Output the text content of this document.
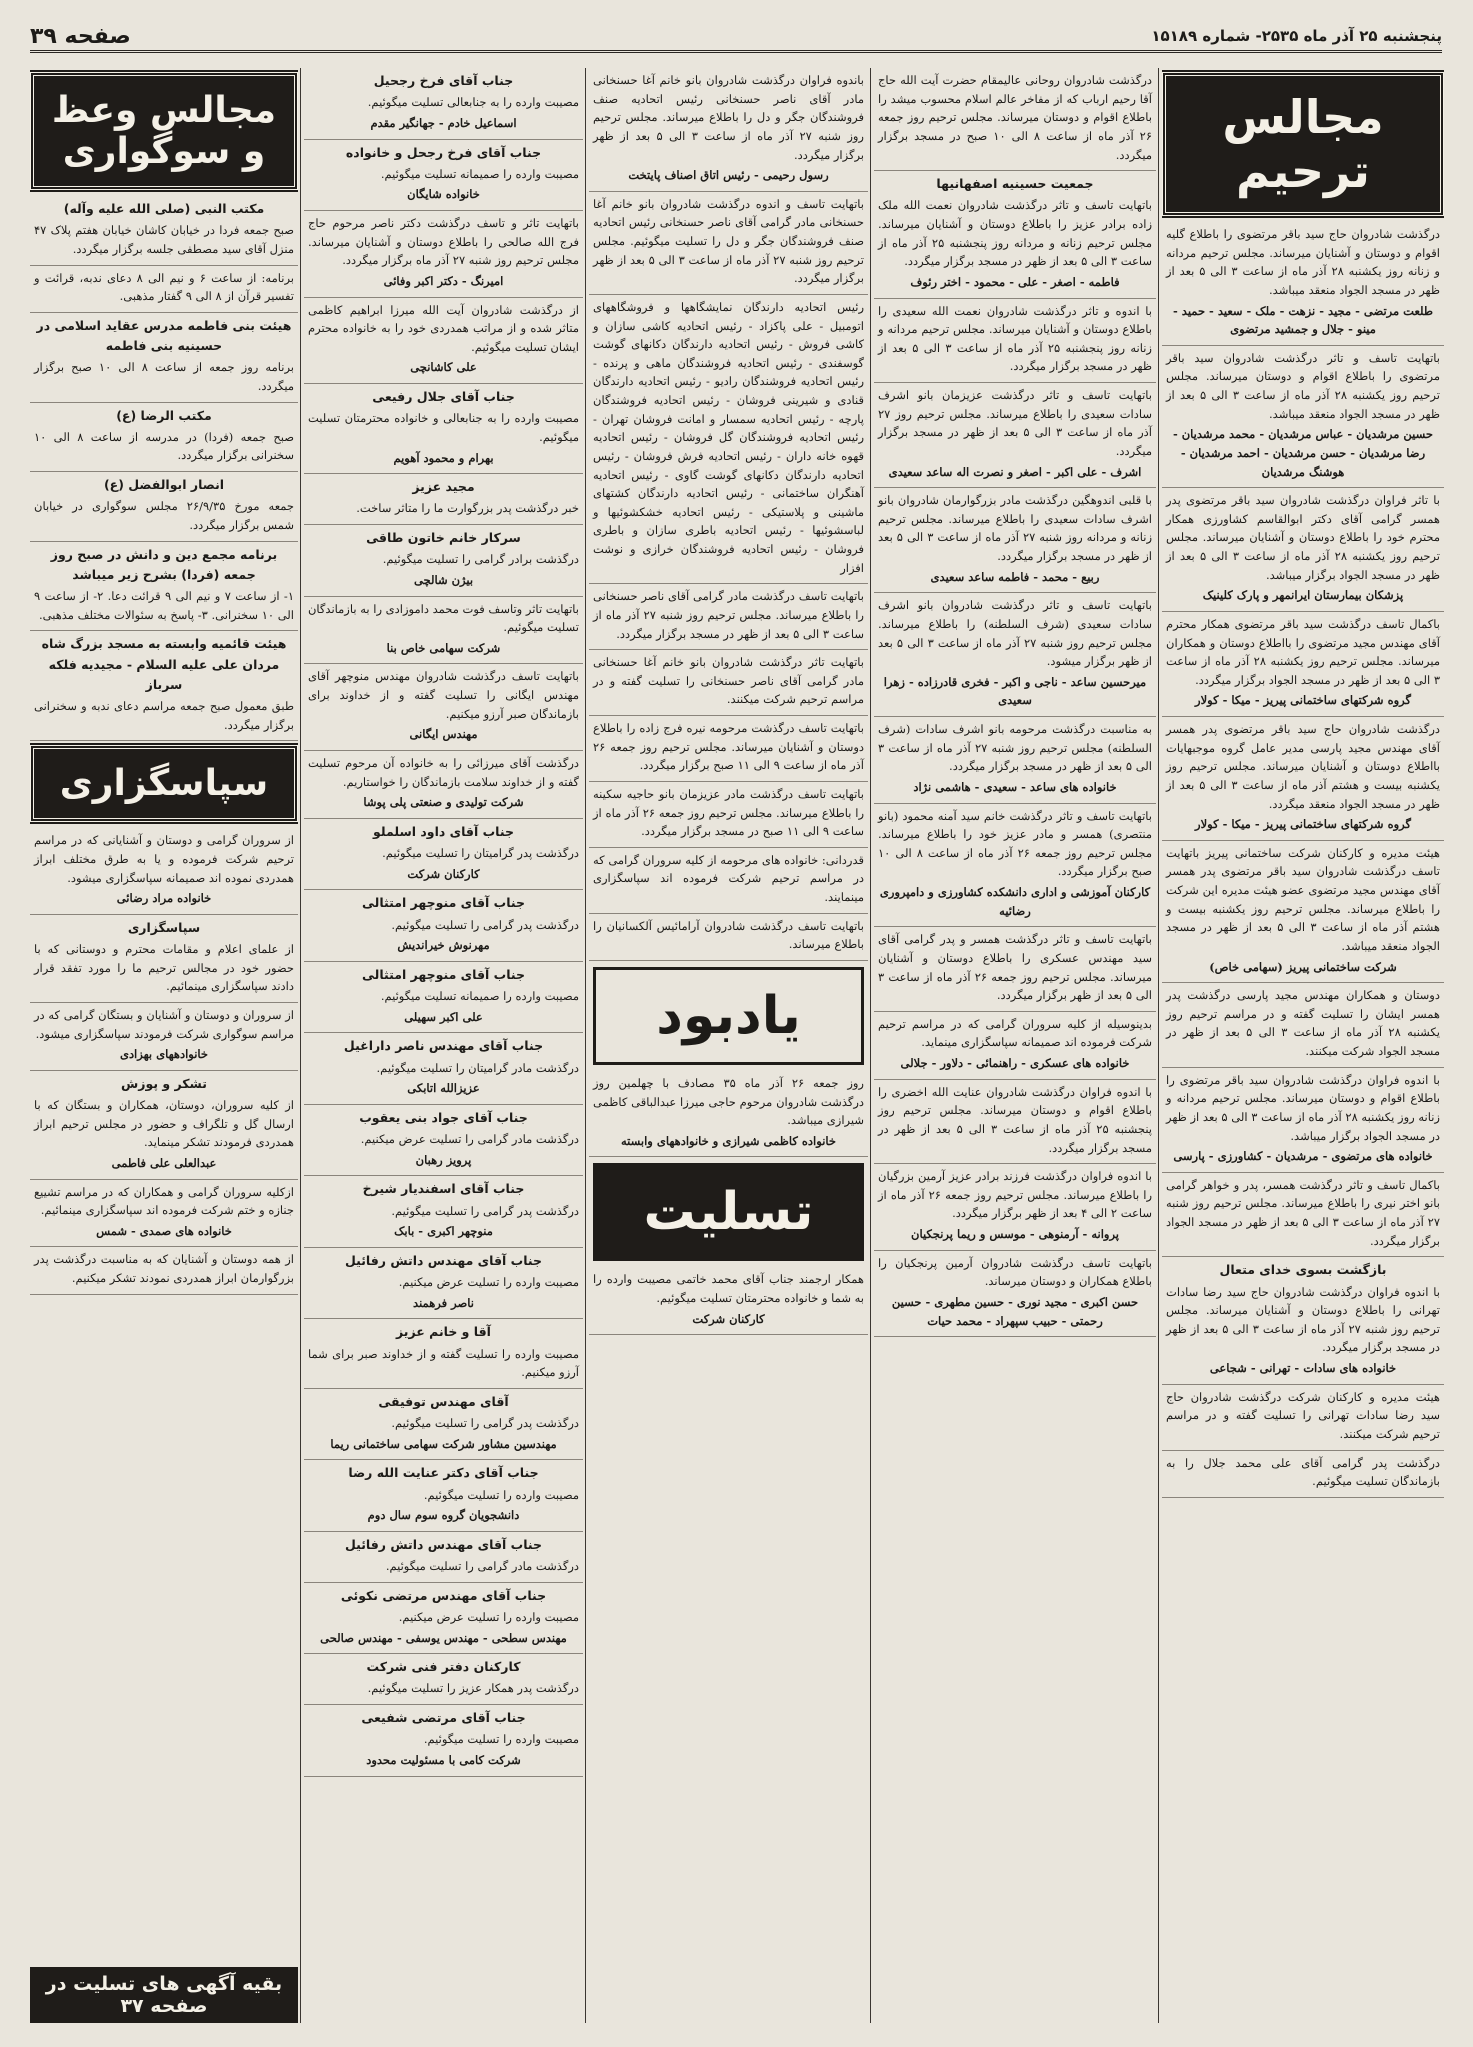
پنجشنبه ۲۵ آذر ماه ۲۵۳۵- شماره ۱۵۱۸۹
صفحه ۳۹
مجالس ترحیم
درگذشت شادروان حاج سید باقر مرتضوی را باطلاع گلیه اقوام و دوستان و آشنایان میرساند. مجلس ترحیم مردانه و زنانه روز یکشنبه ۲۸ آذر ماه از ساعت ۳ الی ۵ بعد از ظهر در مسجد الجواد منعقد میباشد.
طلعت مرتضی - مجید - نزهت - ملک - سعید - حمید - مینو - جلال و جمشید مرتضوی
باتهایت تاسف و تاثر درگذشت شادروان سید باقر مرتضوی را باطلاع اقوام و دوستان میرساند. مجلس ترحیم روز یکشنبه ۲۸ آذر ماه از ساعت ۳ الی ۵ بعد از ظهر در مسجد الجواد منعقد میباشد.
حسین مرشدیان - عباس مرشدیان - محمد مرشدیان - رضا مرشدیان - حسن مرشدیان - احمد مرشدیان - هوشنگ مرشدیان
با تاثر فراوان درگذشت شادروان سید باقر مرتضوی پدر همسر گرامی آقای دکتر ابوالقاسم کشاورزی همکار محترم خود را باطلاع دوستان و آشنایان میرساند. مجلس ترحیم روز یکشنبه ۲۸ آذر ماه از ساعت ۳ الی ۵ بعد از ظهر در مسجد الجواد برگزار میباشد.
پزشکان بیمارستان ایرانمهر و پارک کلینیک
باکمال تاسف درگذشت سید باقر مرتضوی همکار محترم آقای مهندس مجید مرتضوی را بااطلاع دوستان و همکاران میرساند. مجلس ترحیم روز یکشنبه ۲۸ آذر ماه از ساعت ۳ الی ۵ بعد از ظهر در مسجد الجواد برگزار میگردد.
گروه شرکتهای ساختمانی پیریز - میکا - کولار
درگذشت شادروان حاج سید باقر مرتضوی پدر همسر آقای مهندس مجید پارسی مدیر عامل گروه موجبهایات بااطلاع دوستان و آشنایان میرساند. مجلس ترحیم روز یکشنبه بیست و هشتم آذر ماه از ساعت ۳ الی ۵ بعد از ظهر در مسجد الجواد منعقد میگردد.
گروه شرکتهای ساختمانی پیریز - میکا - کولار
هیئت مدیره و کارکنان شرکت ساختمانی پیریز باتهایت تاسف درگذشت شادروان سید باقر مرتضوی پدر همسر آقای مهندس مجید مرتضوی عضو هیئت مدیره این شرکت را باطلاع میرساند. مجلس ترحیم روز یکشنبه بیست و هشتم آذر ماه از ساعت ۳ الی ۵ بعد از ظهر در مسجد الجواد منعقد میباشد.
شرکت ساختمانی پیریز (سهامی خاص)
دوستان و همکاران مهندس مجید پارسی درگذشت پدر همسر ایشان را تسلیت گفته و در مراسم ترحیم روز یکشنبه ۲۸ آذر ماه از ساعت ۳ الی ۵ بعد از ظهر در مسجد الجواد شرکت میکنند.
با اندوه فراوان درگذشت شادروان سید باقر مرتضوی را باطلاع اقوام و دوستان میرساند. مجلس ترحیم مردانه و زنانه روز یکشنبه ۲۸ آذر ماه از ساعت ۳ الی ۵ بعد از ظهر در مسجد الجواد برگزار میباشد.
خانواده های مرتضوی - مرشدیان - کشاورزی - پارسی
باکمال تاسف و تاثر درگذشت همسر، پدر و خواهر گرامی بانو اختر نیری را باطلاع میرساند. مجلس ترحیم روز شنبه ۲۷ آذر ماه از ساعت ۳ الی ۵ بعد از ظهر در مسجد الجواد برگزار میگردد.
بازگشت بسوی خدای متعال
با اندوه فراوان درگذشت شادروان حاج سید رضا سادات تهرانی را باطلاع دوستان و آشنایان میرساند. مجلس ترحیم روز شنبه ۲۷ آذر ماه از ساعت ۳ الی ۵ بعد از ظهر در مسجد برگزار میگردد.
خانواده های سادات - تهرانی - شجاعی
هیئت مدیره و کارکنان شرکت درگذشت شادروان حاج سید رضا سادات تهرانی را تسلیت گفته و در مراسم ترحیم شرکت میکنند.
درگذشت پدر گرامی آقای علی محمد جلال را به بازماندگان تسلیت میگوئیم.
درگذشت شادروان روحانی عالیمقام حضرت آیت الله حاج آقا رحیم ارباب که از مفاخر عالم اسلام محسوب میشد را باطلاع اقوام و دوستان میرساند. مجلس ترحیم روز جمعه ۲۶ آذر ماه از ساعت ۸ الی ۱۰ صبح در مسجد برگزار میگردد.
جمعیت حسینیه اصفهانیها
باتهایت تاسف و تاثر درگذشت شادروان نعمت الله ملک زاده برادر عزیز را باطلاع دوستان و آشنایان میرساند. مجلس ترحیم زنانه و مردانه روز پنجشنبه ۲۵ آذر ماه از ساعت ۳ الی ۵ بعد از ظهر در مسجد برگزار میگردد.
فاطمه - اصغر - علی - محمود - اختر رئوف
با اندوه و تاثر درگذشت شادروان نعمت الله سعیدی را باطلاع دوستان و آشنایان میرساند. مجلس ترحیم مردانه و زنانه روز پنجشنبه ۲۵ آذر ماه از ساعت ۳ الی ۵ بعد از ظهر در مسجد برگزار میگردد.
باتهایت تاسف و تاثر درگذشت عزیزمان بانو اشرف سادات سعیدی را باطلاع میرساند. مجلس ترحیم روز ۲۷ آذر ماه از ساعت ۳ الی ۵ بعد از ظهر در مسجد برگزار میگردد.
اشرف - علی اکبر - اصغر و نصرت اله ساعد سعیدی
با قلبی اندوهگین درگذشت مادر بزرگوارمان شادروان بانو اشرف سادات سعیدی را باطلاع میرساند. مجلس ترحیم زنانه و مردانه روز شنبه ۲۷ آذر ماه از ساعت ۳ الی ۵ بعد از ظهر در مسجد برگزار میگردد.
ربیع - محمد - فاطمه ساعد سعیدی
باتهایت تاسف و تاثر درگذشت شادروان بانو اشرف سادات سعیدی (شرف السلطنه) را باطلاع میرساند. مجلس ترحیم روز شنبه ۲۷ آذر ماه از ساعت ۳ الی ۵ بعد از ظهر برگزار میشود.
میرحسین ساعد - ناجی و اکبر - فخری قادرزاده - زهرا سعیدی
به مناسبت درگذشت مرحومه بانو اشرف سادات (شرف السلطنه) مجلس ترحیم روز شنبه ۲۷ آذر ماه از ساعت ۳ الی ۵ بعد از ظهر در مسجد برگزار میگردد.
خانواده های ساعد - سعیدی - هاشمی نژاد
باتهایت تاسف و تاثر درگذشت خانم سید آمنه محمود (بانو منتصری) همسر و مادر عزیز خود را باطلاع میرساند. مجلس ترحیم روز جمعه ۲۶ آذر ماه از ساعت ۸ الی ۱۰ صبح برگزار میگردد.
کارکنان آموزشی و اداری دانشکده کشاورزی و دامپروری رضائیه
باتهایت تاسف و تاثر درگذشت همسر و پدر گرامی آقای سید مهندس عسکری را باطلاع دوستان و آشنایان میرساند. مجلس ترحیم روز جمعه ۲۶ آذر ماه از ساعت ۳ الی ۵ بعد از ظهر برگزار میگردد.
بدینوسیله از کلیه سروران گرامی که در مراسم ترحیم شرکت فرموده اند صمیمانه سپاسگزاری مینماید.
خانواده های عسکری - راهنمائی - دلاور - جلالی
با اندوه فراوان درگذشت شادروان عنایت الله اخضری را باطلاع اقوام و دوستان میرساند. مجلس ترحیم روز پنجشنبه ۲۵ آذر ماه از ساعت ۳ الی ۵ بعد از ظهر در مسجد برگزار میگردد.
با اندوه فراوان درگذشت فرزند برادر عزیز آرمین بزرگیان را باطلاع میرساند. مجلس ترحیم روز جمعه ۲۶ آذر ماه از ساعت ۲ الی ۴ بعد از ظهر برگزار میگردد.
پروانه - آرمنوهی - موسس و ریما پرنجکیان
باتهایت تاسف درگذشت شادروان آرمین پرنجکیان را باطلاع همکاران و دوستان میرساند.
حسن اکبری - مجید نوری - حسین مطهری - حسین رحمتی - حبیب سپهراد - محمد حیات
باندوه فراوان درگذشت شادروان بانو خانم آغا حسنخانی مادر آقای ناصر حسنخانی رئیس اتحادیه صنف فروشندگان جگر و دل را باطلاع میرساند. مجلس ترحیم روز شنبه ۲۷ آذر ماه از ساعت ۳ الی ۵ بعد از ظهر برگزار میگردد.
رسول رحیمی - رئیس اتاق اصناف پایتخت
باتهایت تاسف و اندوه درگذشت شادروان بانو خانم آغا حسنخانی مادر گرامی آقای ناصر حسنخانی رئیس اتحادیه صنف فروشندگان جگر و دل را تسلیت میگوئیم. مجلس ترحیم روز شنبه ۲۷ آذر ماه از ساعت ۳ الی ۵ بعد از ظهر برگزار میگردد.
رئیس اتحادیه دارندگان نمایشگاهها و فروشگاههای اتومبیل - علی پاکزاد - رئیس اتحادیه کاشی سازان و کاشی فروش - رئیس اتحادیه دارندگان دکانهای گوشت گوسفندی - رئیس اتحادیه فروشندگان ماهی و پرنده - رئیس اتحادیه فروشندگان رادیو - رئیس اتحادیه دارندگان قنادی و شیرینی فروشان - رئیس اتحادیه فروشندگان پارچه - رئیس اتحادیه سمسار و امانت فروشان تهران - رئیس اتحادیه فروشندگان گل فروشان - رئیس اتحادیه قهوه خانه داران - رئیس اتحادیه فرش فروشان - رئیس اتحادیه دارندگان دکانهای گوشت گاوی - رئیس اتحادیه آهنگران ساختمانی - رئیس اتحادیه دارندگان کشتهای ماشینی و پلاستیکی - رئیس اتحادیه خشکشوئیها و لباسشوئیها - رئیس اتحادیه باطری سازان و باطری فروشان - رئیس اتحادیه فروشندگان خرازی و نوشت افزار
باتهایت تاسف درگذشت مادر گرامی آقای ناصر حسنخانی را باطلاع میرساند. مجلس ترحیم روز شنبه ۲۷ آذر ماه از ساعت ۳ الی ۵ بعد از ظهر در مسجد برگزار میگردد.
باتهایت تاثر درگذشت شادروان بانو خانم آغا حسنخانی مادر گرامی آقای ناصر حسنخانی را تسلیت گفته و در مراسم ترحیم شرکت میکنند.
باتهایت تاسف درگذشت مرحومه نیره فرج زاده را باطلاع دوستان و آشنایان میرساند. مجلس ترحیم روز جمعه ۲۶ آذر ماه از ساعت ۹ الی ۱۱ صبح برگزار میگردد.
باتهایت تاسف درگذشت مادر عزیزمان بانو حاجیه سکینه را باطلاع میرساند. مجلس ترحیم روز جمعه ۲۶ آذر ماه از ساعت ۹ الی ۱۱ صبح در مسجد برگزار میگردد.
قدردانی: خانواده های مرحومه از کلیه سروران گرامی که در مراسم ترحیم شرکت فرموده اند سپاسگزاری مینمایند.
باتهایت تاسف درگذشت شادروان آرامائیس آلکسانیان را باطلاع میرساند.
یادبود
روز جمعه ۲۶ آذر ماه ۳۵ مصادف با چهلمین روز درگذشت شادروان مرحوم حاجی میرزا عبدالباقی کاظمی شیرازی میباشد.
خانواده کاظمی شیرازی و خانوادههای وابسته
تسلیت
همکار ارجمند جناب آقای محمد خاتمی مصیبت وارده را به شما و خانواده محترمتان تسلیت میگوئیم.
کارکنان شرکت
جناب آقای فرخ رجحیل
مصیبت وارده را به جنابعالی تسلیت میگوئیم.
اسماعیل خادم - جهانگیر مقدم
جناب آقای فرخ رجحل و خانواده
مصیبت وارده را صمیمانه تسلیت میگوئیم.
خانواده شایگان
باتهایت تاثر و تاسف درگذشت دکتر ناصر مرحوم حاج فرج الله صالحی را باطلاع دوستان و آشنایان میرساند. مجلس ترحیم روز شنبه ۲۷ آذر ماه برگزار میگردد.
امیرنگ - دکتر اکبر وفائی
از درگذشت شادروان آیت الله میرزا ابراهیم کاظمی متاثر شده و از مراتب همدردی خود را به خانواده محترم ایشان تسلیت میگوئیم.
علی کاشانچی
جناب آقای جلال رفیعی
مصیبت وارده را به جنابعالی و خانواده محترمتان تسلیت میگوئیم.
بهرام و محمود آهویم
مجید عزیز
خبر درگذشت پدر بزرگوارت ما را متاثر ساخت.
سرکار خانم خاتون طاقی
درگذشت برادر گرامی را تسلیت میگوئیم.
بیژن شالچی
باتهایت تاثر وتاسف فوت محمد داموزادی را به بازماندگان تسلیت میگوئیم.
شرکت سهامی خاص بنا
باتهایت تاسف درگذشت شادروان مهندس منوچهر آقای مهندس ایگانی را تسلیت گفته و از خداوند برای بازماندگان صبر آرزو میکنیم.
مهندس ایگانی
درگذشت آقای میرزائی را به خانواده آن مرحوم تسلیت گفته و از خداوند سلامت بازماندگان را خواستاریم.
شرکت تولیدی و صنعتی پلی پوشا
جناب آقای داود اسلملو
درگذشت پدر گرامیتان را تسلیت میگوئیم.
کارکنان شرکت
جناب آقای منوچهر امتثالی
درگذشت پدر گرامی را تسلیت میگوئیم.
مهرنوش خیراندیش
جناب آقای منوچهر امتثالی
مصیبت وارده را صمیمانه تسلیت میگوئیم.
علی اکبر سهیلی
جناب آقای مهندس ناصر داراغیل
درگذشت مادر گرامیتان را تسلیت میگوئیم.
عزیزالله اتابکی
جناب آقای جواد بنی یعقوب
درگذشت مادر گرامی را تسلیت عرض میکنیم.
پرویز رهبان
جناب آقای اسفندیار شیرخ
درگذشت پدر گرامی را تسلیت میگوئیم.
منوچهر اکبری - بابک
جناب آقای مهندس داتش رفائیل
مصیبت وارده را تسلیت عرض میکنیم.
ناصر فرهمند
آقا و خانم عزیز
مصیبت وارده را تسلیت گفته و از خداوند صبر برای شما آرزو میکنیم.
آقای مهندس توفیقی
درگذشت پدر گرامی را تسلیت میگوئیم.
مهندسین مشاور شرکت سهامی ساختمانی ریما
جناب آقای دکتر عنایت الله رضا
مصیبت وارده را تسلیت میگوئیم.
دانشجویان گروه سوم سال دوم
جناب آقای مهندس داتش رفائیل
درگذشت مادر گرامی را تسلیت میگوئیم.
جناب آقای مهندس مرتضی نکوئی
مصیبت وارده را تسلیت عرض میکنیم.
مهندس سطحی - مهندس یوسفی - مهندس صالحی
کارکنان دفتر فنی شرکت
درگذشت پدر همکار عزیز را تسلیت میگوئیم.
جناب آقای مرتضی شفیعی
مصیبت وارده را تسلیت میگوئیم.
شرکت کامی با مسئولیت محدود
مجالس وعظ و سوگواری
مکتب النبی (صلی الله علیه وآله)
صبح جمعه فردا در خیابان کاشان خیابان هفتم پلاک ۴۷ منزل آقای سید مصطفی جلسه برگزار میگردد.
برنامه: از ساعت ۶ و نیم الی ۸ دعای ندبه، قرائت و تفسیر قرآن از ۸ الی ۹ گفتار مذهبی.
هیئت بنی فاطمه مدرس عقاید اسلامی در حسینیه بنی فاطمه
برنامه روز جمعه از ساعت ۸ الی ۱۰ صبح برگزار میگردد.
مکتب الرضا (ع)
صبح جمعه (فردا) در مدرسه از ساعت ۸ الی ۱۰ سخنرانی برگزار میگردد.
انصار ابوالفضل (ع)
جمعه مورخ ۲۶/۹/۳۵ مجلس سوگواری در خیابان شمس برگزار میگردد.
برنامه مجمع دین و دانش در صبح روز جمعه (فردا) بشرح زیر میباشد
۱- از ساعت ۷ و نیم الی ۹ قرائت دعا. ۲- از ساعت ۹ الی ۱۰ سخنرانی. ۳- پاسخ به سئوالات مختلف مذهبی.
هیئت قائمیه وابسته به مسجد بزرگ شاه مردان علی علیه السلام - مجیدیه فلکه سرباز
طبق معمول صبح جمعه مراسم دعای ندبه و سخنرانی برگزار میگردد.
سپاسگزاری
از سروران گرامی و دوستان و آشنایانی که در مراسم ترحیم شرکت فرموده و یا به طرق مختلف ابراز همدردی نموده اند صمیمانه سپاسگزاری میشود.
خانواده مراد رضائی
سپاسگزاری
از علمای اعلام و مقامات محترم و دوستانی که با حضور خود در مجالس ترحیم ما را مورد تفقد قرار دادند سپاسگزاری مینمائیم.
از سروران و دوستان و آشنایان و بستگان گرامی که در مراسم سوگواری شرکت فرمودند سپاسگزاری میشود.
خانوادههای بهزادی
تشکر و پوزش
از کلیه سروران، دوستان، همکاران و بستگان که با ارسال گل و تلگراف و حضور در مجلس ترحیم ابراز همدردی فرمودند تشکر مینماید.
عبدالعلی علی فاطمی
ازکلیه سروران گرامی و همکاران که در مراسم تشییع جنازه و ختم شرکت فرموده اند سپاسگزاری مینمائیم.
خانواده های صمدی - شمس
از همه دوستان و آشنایان که به مناسبت درگذشت پدر بزرگوارمان ابراز همدردی نمودند تشکر میکنیم.
بقیه آگهی های تسلیت در صفحه ۳۷
